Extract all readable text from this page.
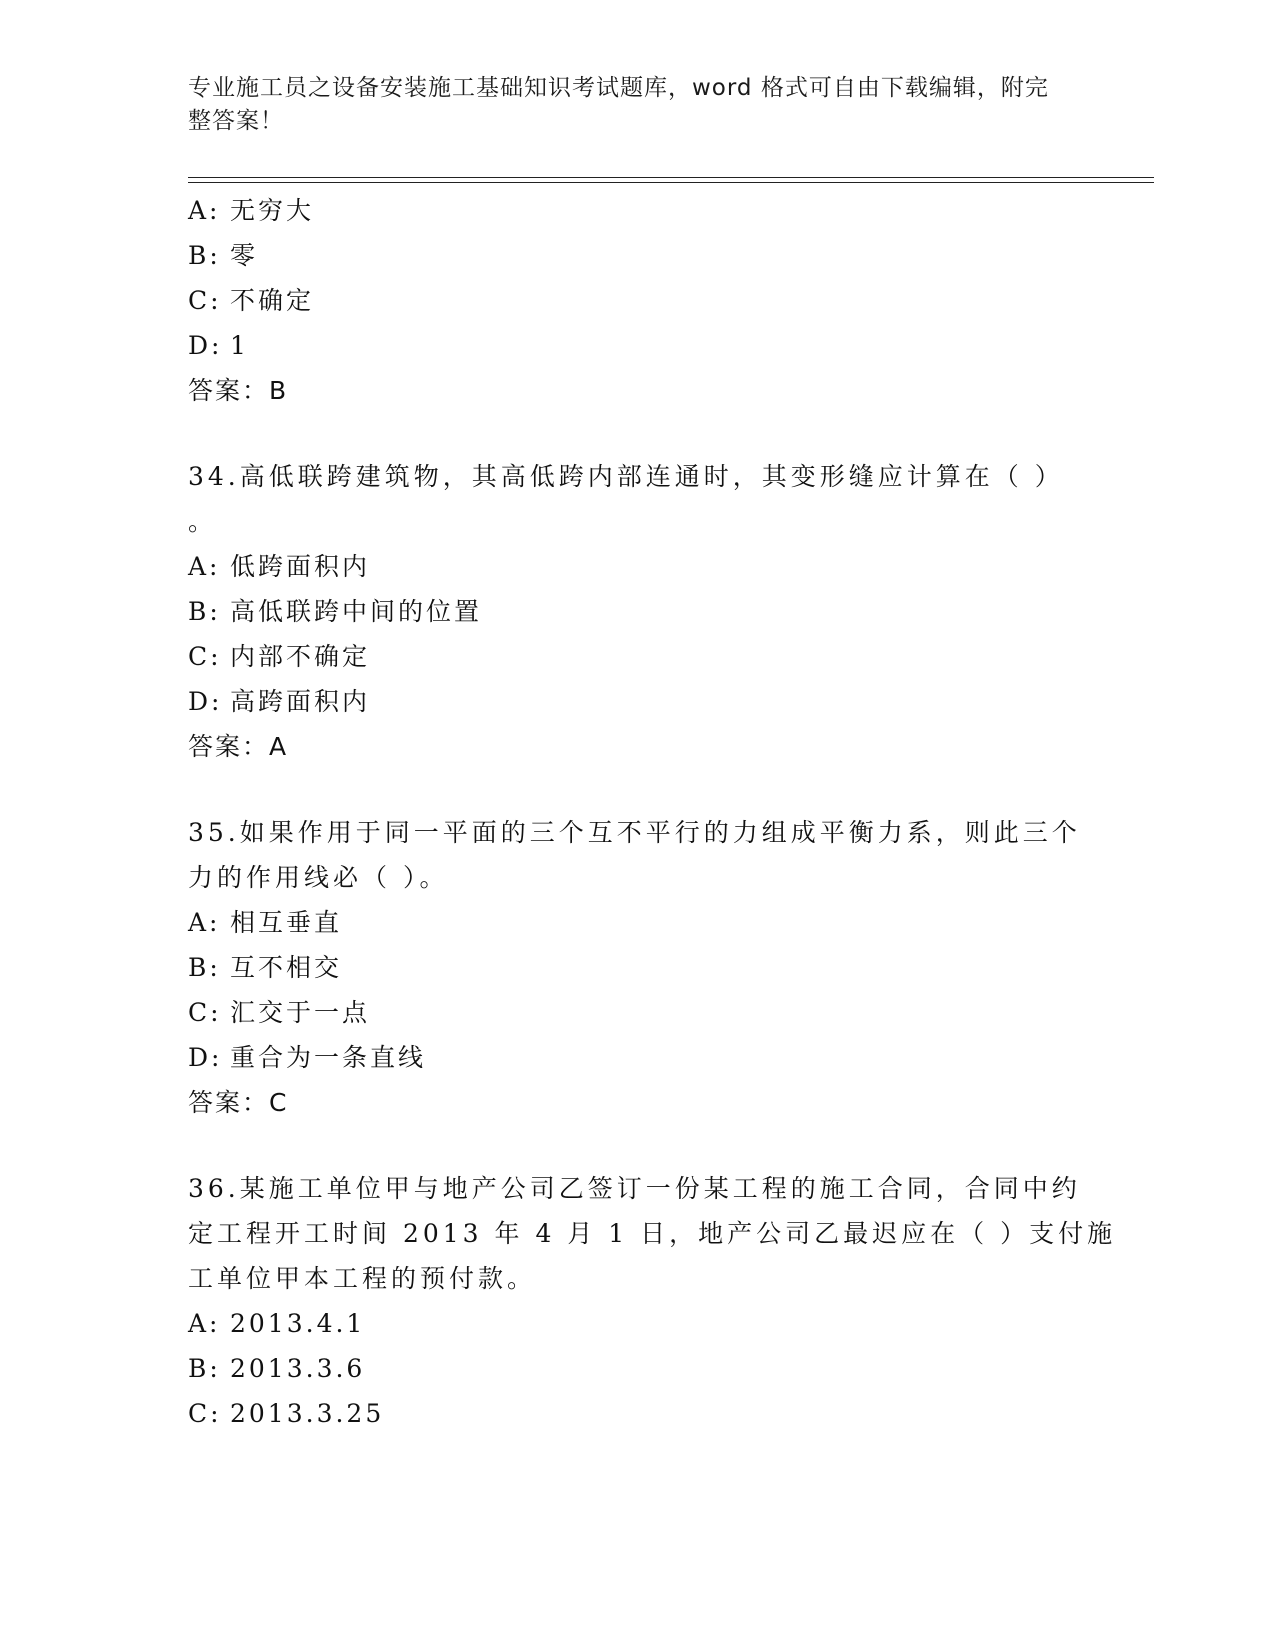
专业施工员之设备安装施工基础知识考试题库，word 格式可自由下载编辑，附完
整答案！
A: 无穷大
B: 零
C: 不确定
D: 1
答案：B
34.高低联跨建筑物，其高低跨内部连通时，其变形缝应计算在（ ）
。
A: 低跨面积内
B: 高低联跨中间的位置
C: 内部不确定
D: 高跨面积内
答案：A
35.如果作用于同一平面的三个互不平行的力组成平衡力系，则此三个
力的作用线必（ ）。
A: 相互垂直
B: 互不相交
C: 汇交于一点
D: 重合为一条直线
答案：C
36.某施工单位甲与地产公司乙签订一份某工程的施工合同，合同中约
定工程开工时间 2013 年 4 月 1 日，地产公司乙最迟应在（ ）支付施
工单位甲本工程的预付款。
A: 2013.4.1
B: 2013.3.6
C: 2013.3.25
